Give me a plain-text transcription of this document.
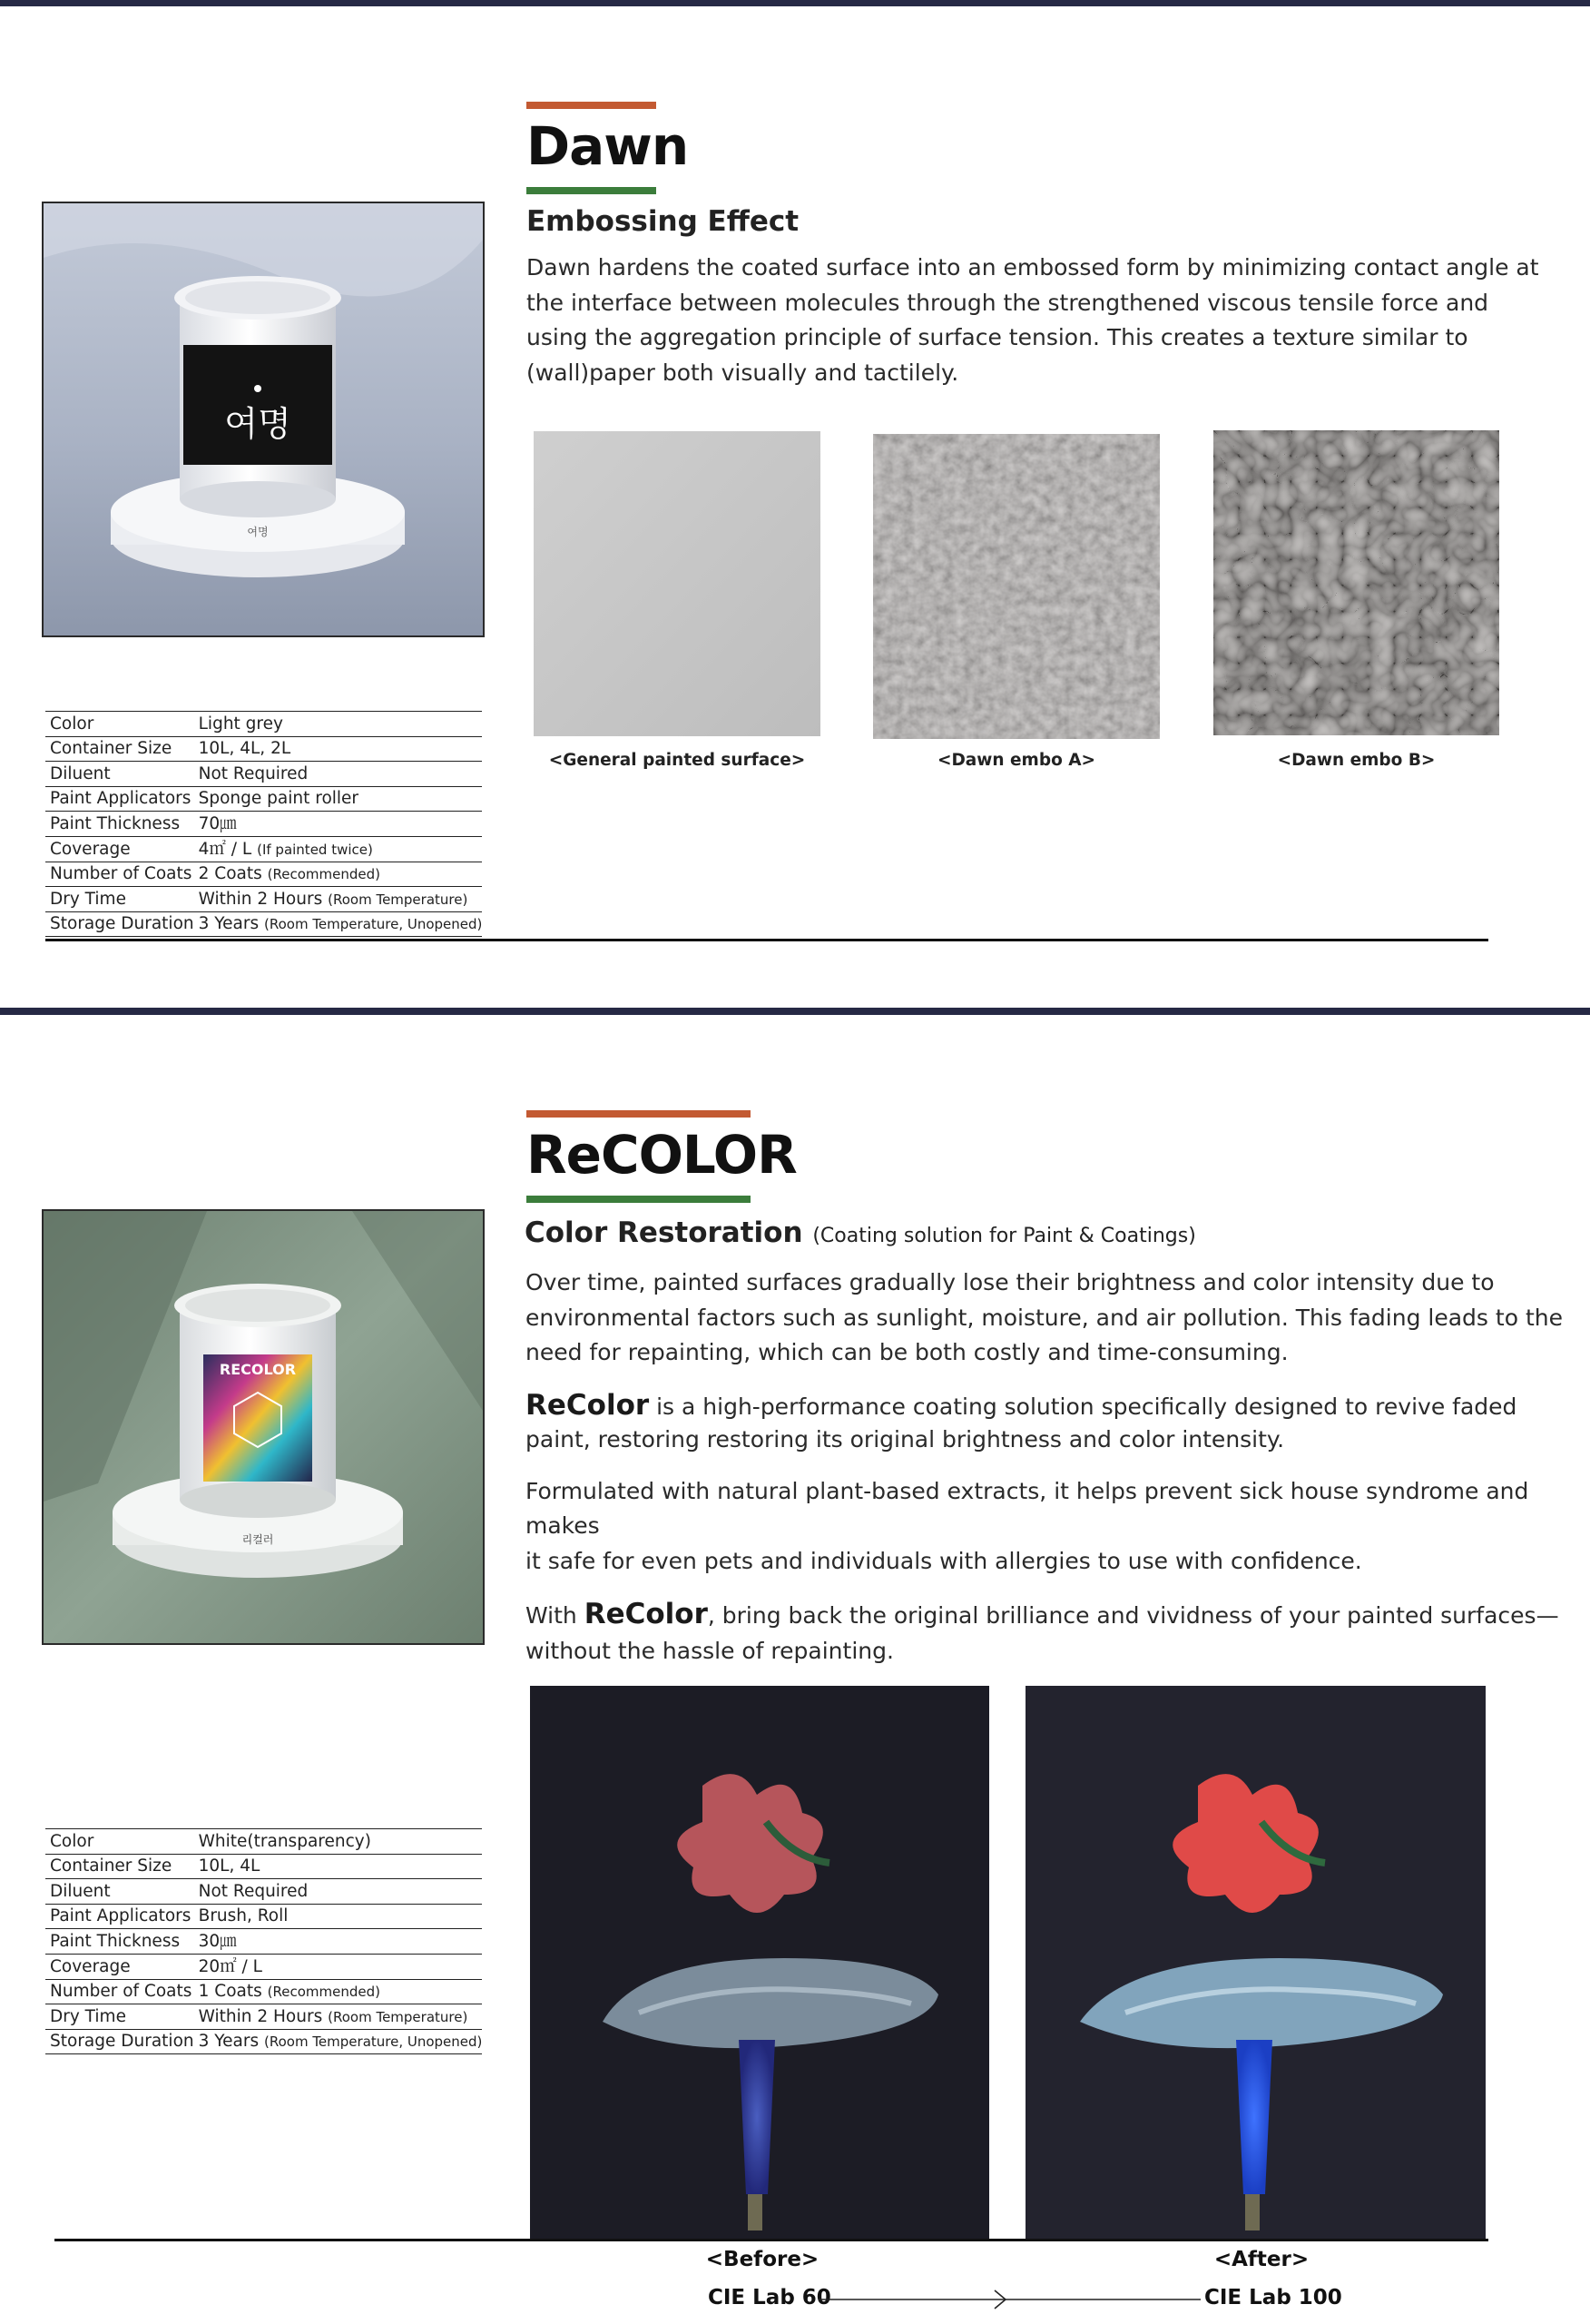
Dawn
Embossing Effect

Dawn hardens the coated surface into an embossed form by minimizing contact angle at the interface between molecules through the strengthened viscous tensile force and using the aggregation principle of surface tension. This creates a texture similar to (wall)paper both visually and tactilely.

여명
여명
<General painted surface>	<Dawn embo A>	<Dawn embo B>
Color	Light grey
Container Size	10L, 4L, 2L
Diluent	Not Required
Paint Applicators	Sponge paint roller
Paint Thickness	70㎛
Coverage	4㎡ / L (If painted twice)
Number of Coats	2 Coats (Recommended)
Dry Time	Within 2 Hours (Room Temperature)
Storage Duration	3 Years (Room Temperature, Unopened)
ReCOLOR
Color Restoration (Coating solution for Paint & Coatings)

Over time, painted surfaces gradually lose their brightness and color intensity due to environmental factors such as sunlight, moisture, and air pollution. This fading leads to the need for repainting, which can be both costly and time-consuming.

ReColor is a high-performance coating solution specifically designed to revive faded paint, restoring restoring its original brightness and color intensity.

Formulated with natural plant-based extracts, it helps prevent sick house syndrome and makes
it safe for even pets and individuals with allergies to use with confidence.

With ReColor, bring back the original brilliance and vividness of your painted surfaces—without the hassle of repainting.

RECOLOR
리컬러
Color	White(transparency)
Container Size	10L, 4L
Diluent	Not Required
Paint Applicators	Brush, Roll
Paint Thickness	30㎛
Coverage	20㎡ / L
Number of Coats	1 Coats (Recommended)
Dry Time	Within 2 Hours (Room Temperature)
Storage Duration	3 Years (Room Temperature, Unopened)
<Before>	<After>
CIE Lab 60	CIE Lab 100
